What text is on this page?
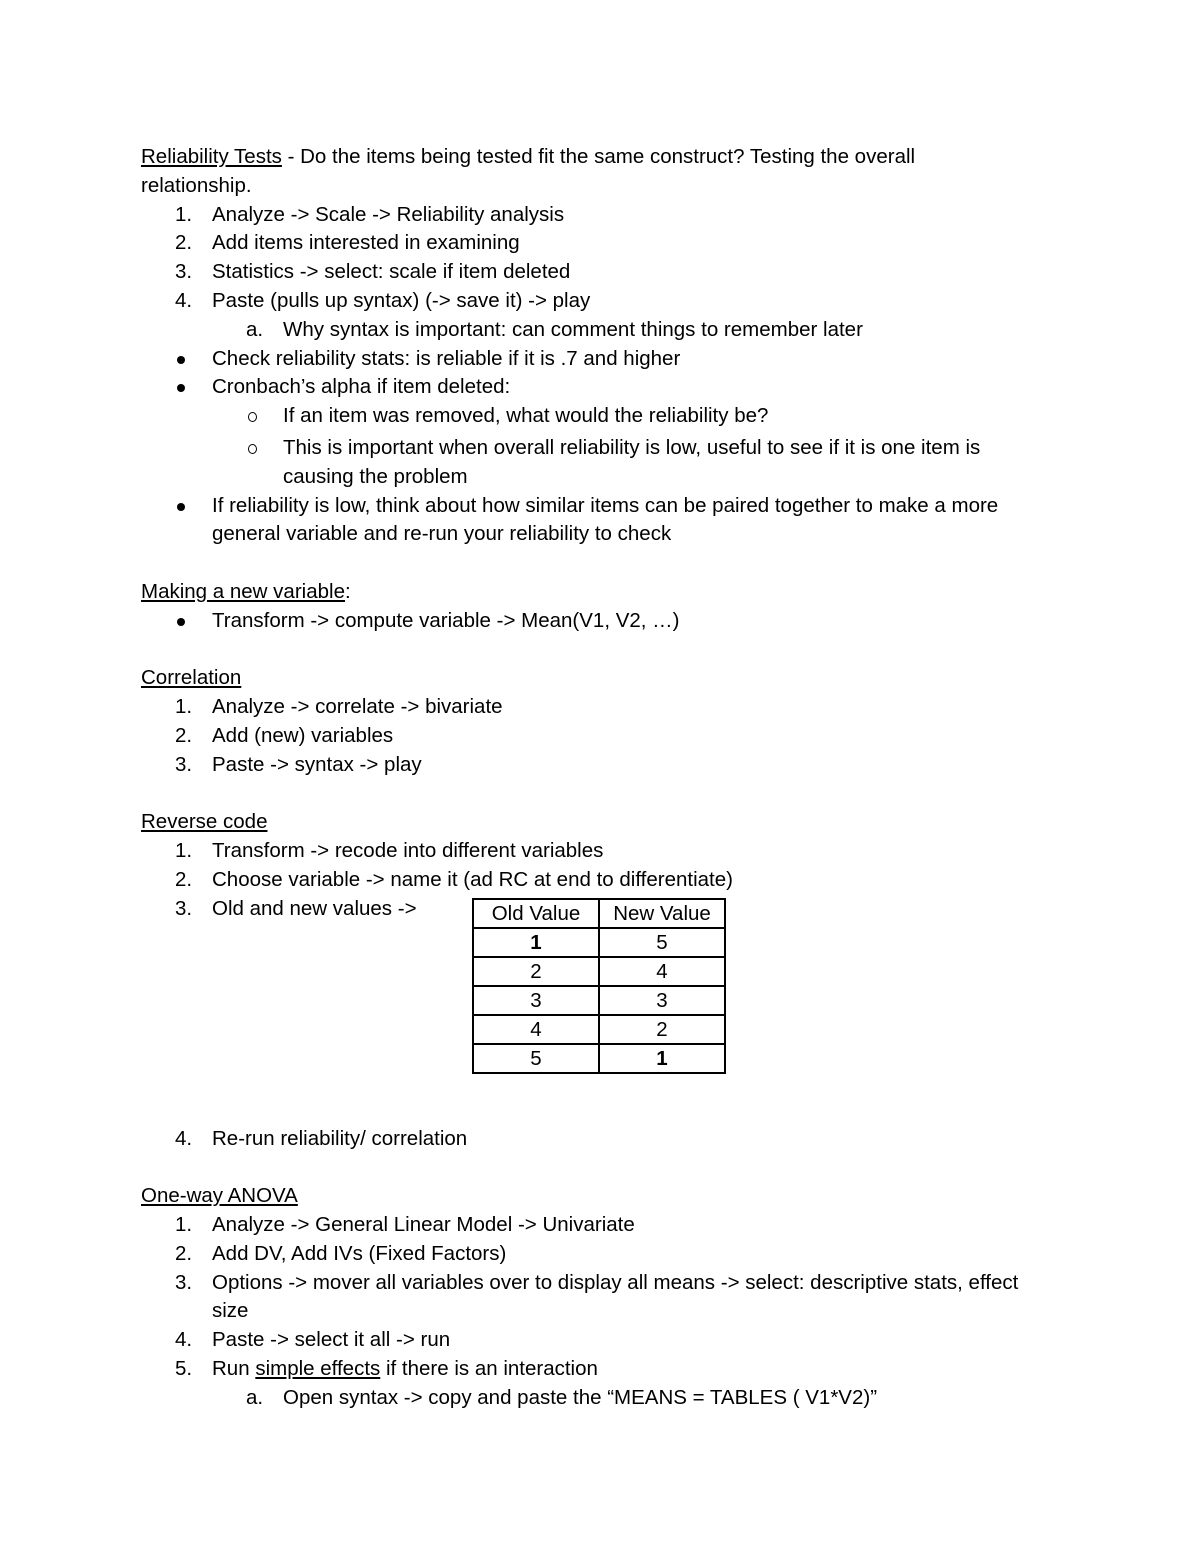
Reliability Tests - Do the items being tested fit the same construct? Testing the overall
relationship.
1. Analyze -> Scale -> Reliability analysis
2. Add items interested in examining
3. Statistics -> select: scale if item deleted
4. Paste (pulls up syntax) (-> save it) -> play
a. Why syntax is important: can comment things to remember later
Check reliability stats: is reliable if it is .7 and higher
Cronbach’s alpha if item deleted:
If an item was removed, what would the reliability be?
This is important when overall reliability is low, useful to see if it is one item is
causing the problem
If reliability is low, think about how similar items can be paired together to make a more
general variable and re-run your reliability to check
Making a new variable:
Transform -> compute variable -> Mean(V1, V2, …)
Correlation
1. Analyze -> correlate -> bivariate
2. Add (new) variables
3. Paste -> syntax -> play
Reverse code
1. Transform -> recode into different variables
2. Choose variable -> name it (ad RC at end to differentiate)
3. Old and new values ->
4. Re-run reliability/ correlation
One-way ANOVA
1. Analyze -> General Linear Model -> Univariate
2. Add DV, Add IVs (Fixed Factors)
3. Options -> mover all variables over to display all means -> select: descriptive stats, effect
size
4. Paste -> select it all -> run
5. Run simple effects if there is an interaction
a. Open syntax -> copy and paste the “MEANS = TABLES ( V1*V2)”
Old Value	New Value
1	5
2	4
3	3
4	2
5	1
